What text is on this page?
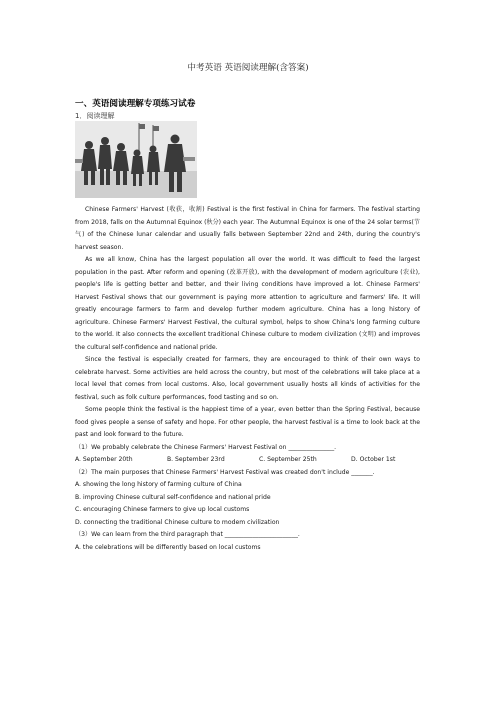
中考英语 英语阅读理解(含答案)
一、英语阅读理解专项练习试卷
1．阅读理解

Chinese Farmers' Harvest (收获，收割) Festival is the first festival in China for farmers. The festival starting from 2018, falls on the Autumnal Equinox (秋分) each year. The Autumnal Equinox is one of the 24 solar terms(节气) of the Chinese lunar calendar and usually falls between September 22nd and 24th, during the country's harvest season.

As we all know, China has the largest population all over the world. It was difficult to feed the largest population in the past. After reform and opening (改革开放), with the development of modern agriculture (农业), people's life is getting better and better, and their living conditions have improved a lot. Chinese Farmers' Harvest Festival shows that our government is paying more attention to agriculture and farmers' life. It will greatly encourage farmers to farm and develop further modem agriculture. China has a long history of agriculture. Chinese Farmers' Harvest Festival, the cultural symbol, helps to show China's long farming culture to the world. It also connects the excellent traditional Chinese culture to modem civilization (文明) and improves the cultural self-confidence and national pride.

Since the festival is especially created for farmers, they are encouraged to think of their own ways to celebrate harvest. Some activities are held across the country, but most of the celebrations will take place at a local level that comes from local customs. Also, local government usually hosts all kinds of activities for the festival, such as folk culture performances, food tasting and so on.

Some people think the festival is the happiest time of a year, even better than the Spring Festival, because food gives people a sense of safety and hope. For other people, the harvest festival is a time to look back at the past and look forward to the future.

（1）We probably celebrate the Chinese Farmers' Harvest Festival on _______________.

A. September 20th	B. September 23rd	C. September 25th	D. October 1st

（2）The main purposes that Chinese Farmers' Harvest Festival was created don't include _______.

A. showing the long history of farming culture of China

B. improving Chinese cultural self-confidence and national pride

C. encouraging Chinese farmers to give up local customs

D. connecting the traditional Chinese culture to modem civilization

（3）We can learn from the third paragraph that ________________________.

A. the celebrations will be differently based on local customs
